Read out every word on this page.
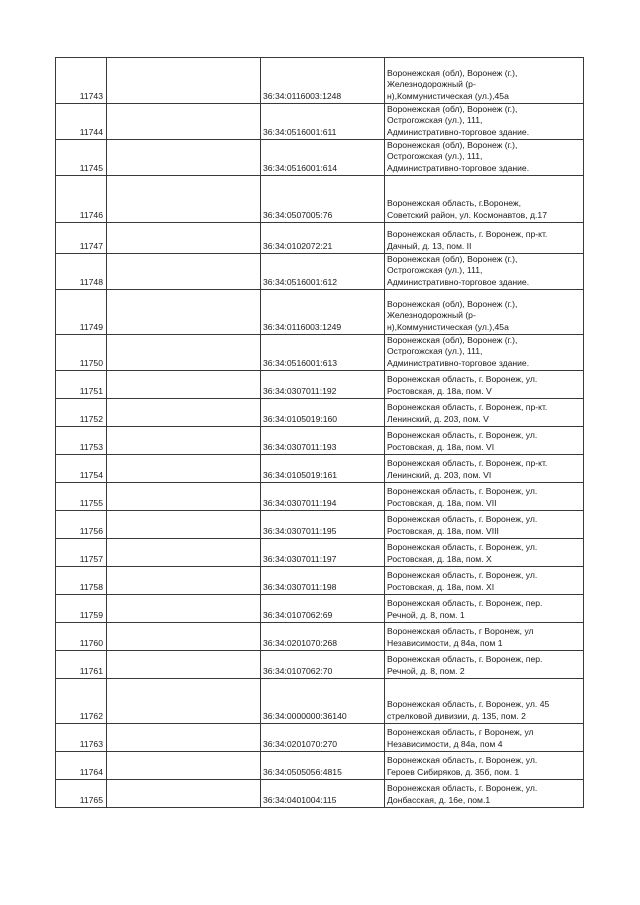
11743		36:34:0116003:1248	Воронежская (обл), Воронеж (г.),
Железнодорожный (р-
н),Коммунистическая (ул.),45а
11744		36:34:0516001:611	Воронежская (обл), Воронеж (г.),
Острогожская (ул.), 111,
Административно-торговое здание.
11745		36:34:0516001:614	Воронежская (обл), Воронеж (г.),
Острогожская (ул.), 111,
Административно-торговое здание.
11746		36:34:0507005:76	Воронежская область, г.Воронеж,
Советский район, ул. Космонавтов, д.17
11747		36:34:0102072:21	Воронежская область, г. Воронеж, пр-кт.
Дачный, д. 13, пом. II
11748		36:34:0516001:612	Воронежская (обл), Воронеж (г.),
Острогожская (ул.), 111,
Административно-торговое здание.
11749		36:34:0116003:1249	Воронежская (обл), Воронеж (г.),
Железнодорожный (р-
н),Коммунистическая (ул.),45а
11750		36:34:0516001:613	Воронежская (обл), Воронеж (г.),
Острогожская (ул.), 111,
Административно-торговое здание.
11751		36:34:0307011:192	Воронежская область, г. Воронеж, ул.
Ростовская, д. 18а, пом. V
11752		36:34:0105019:160	Воронежская область, г. Воронеж, пр-кт.
Ленинский, д. 203, пом. V
11753		36:34:0307011:193	Воронежская область, г. Воронеж, ул.
Ростовская, д. 18а, пом. VI
11754		36:34:0105019:161	Воронежская область, г. Воронеж, пр-кт.
Ленинский, д. 203, пом. VI
11755		36:34:0307011:194	Воронежская область, г. Воронеж, ул.
Ростовская, д. 18а, пом. VII
11756		36:34:0307011:195	Воронежская область, г. Воронеж, ул.
Ростовская, д. 18а, пом. VIII
11757		36:34:0307011:197	Воронежская область, г. Воронеж, ул.
Ростовская, д. 18а, пом. X
11758		36:34:0307011:198	Воронежская область, г. Воронеж, ул.
Ростовская, д. 18а, пом. XI
11759		36:34:0107062:69	Воронежская область, г. Воронеж, пер.
Речной, д. 8, пом. 1
11760		36:34:0201070:268	Воронежская область, г Воронеж, ул
Независимости, д 84а, пом 1
11761		36:34:0107062:70	Воронежская область, г. Воронеж, пер.
Речной, д. 8, пом. 2
11762		36:34:0000000:36140	Воронежская область, г. Воронеж, ул. 45
стрелковой дивизии, д. 135, пом. 2
11763		36:34:0201070:270	Воронежская область, г Воронеж, ул
Независимости, д 84а, пом 4
11764		36:34:0505056:4815	Воронежская область, г. Воронеж, ул.
Героев Сибиряков, д. 35б, пом. 1
11765		36:34:0401004:115	Воронежская область, г. Воронеж, ул.
Донбасская, д. 16е, пом.1
